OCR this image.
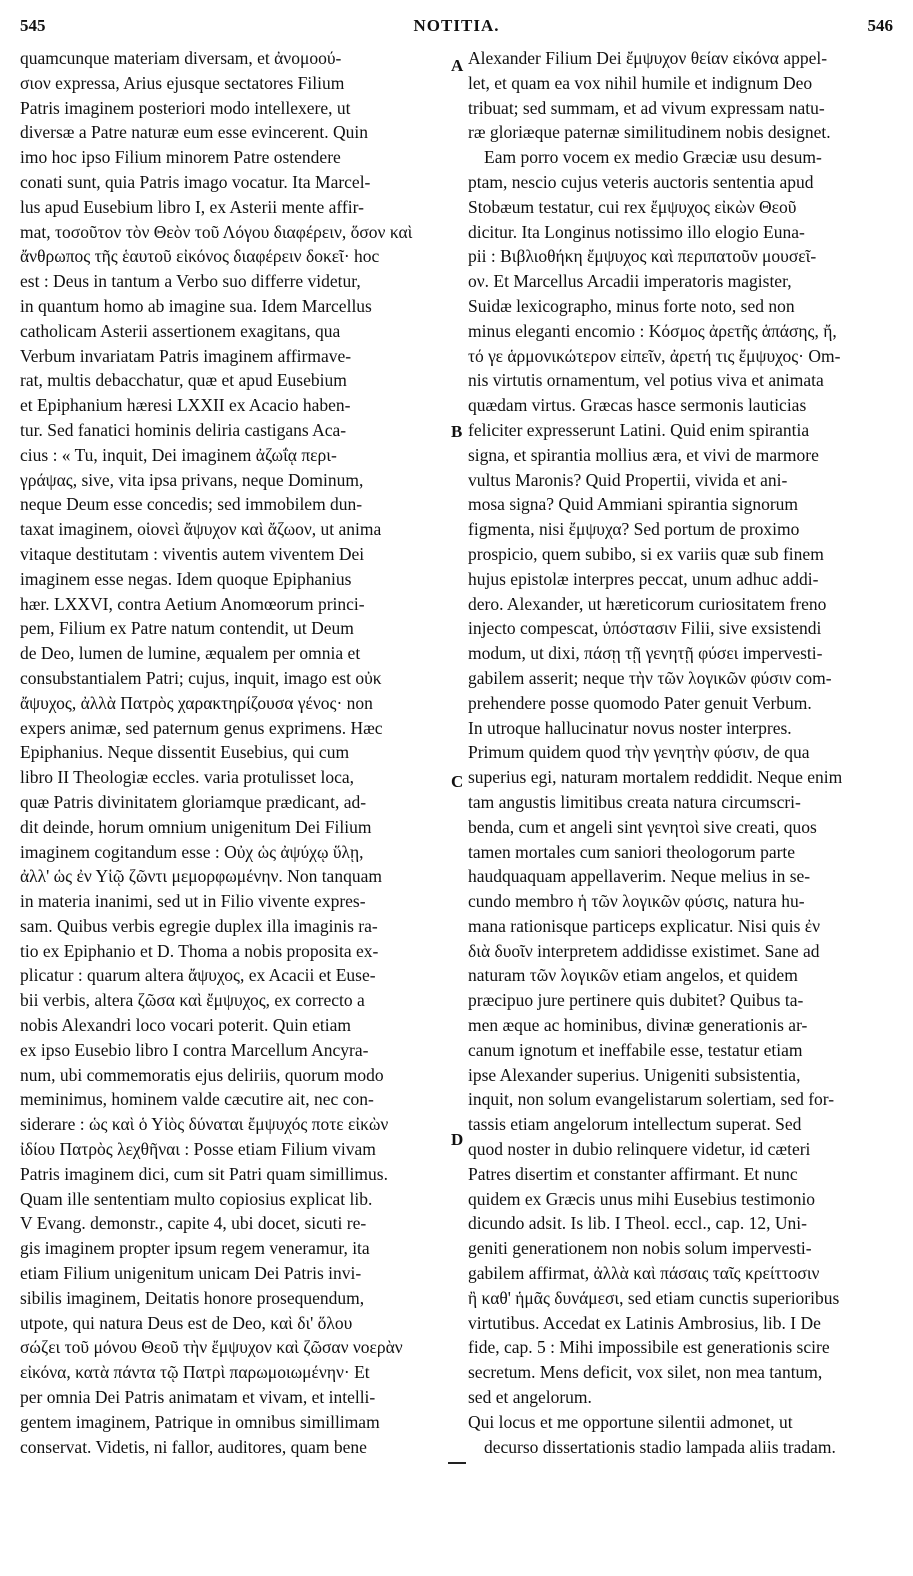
545	NOTITIA.	546
quamcunque materiam diversam, et ἀνομοού-
σιον expressa, Arius ejusque sectatores Filium
Patris imaginem posteriori modo intellexere, ut
diversæ a Patre naturæ eum esse evincerent. Quin
imo hoc ipso Filium minorem Patre ostendere
conati sunt, quia Patris imago vocatur. Ita Marcel-
lus apud Eusebium libro I, ex Asterii mente affir-
mat, τοσοῦτον τὸν Θεὸν τοῦ Λόγου διαφέρειν, ὅσον καὶ
ἄνθρωπος τῆς ἑαυτοῦ εἰκόνος διαφέρειν δοκεῖ· hoc
est : Deus in tantum a Verbo suo differre videtur,
in quantum homo ab imagine sua. Idem Marcellus
catholicam Asterii assertionem exagitans, qua
Verbum invariatam Patris imaginem affirmave-
rat, multis debacchatur, quæ et apud Eusebium
et Epiphanium hæresi LXXII ex Acacio haben-
tur. Sed fanatici hominis deliria castigans Aca-
cius : « Tu, inquit, Dei imaginem ἀζωΐᾳ περι-
γράψας, sive, vita ipsa privans, neque Dominum,
neque Deum esse concedis; sed immobilem dun-
taxat imaginem, οἱονεὶ ἄψυχον καὶ ἄζωον, ut anima
vitaque destitutam : viventis autem viventem Dei
imaginem esse negas. Idem quoque Epiphanius
hær. LXXVI, contra Aetium Anomœorum princi-
pem, Filium ex Patre natum contendit, ut Deum
de Deo, lumen de lumine, æqualem per omnia et
consubstantialem Patri; cujus, inquit, imago est οὐκ
ἄψυχος, ἀλλὰ Πατρὸς χαρακτηρίζουσα γένος· non
expers animæ, sed paternum genus exprimens. Hæc
Epiphanius. Neque dissentit Eusebius, qui cum
libro II Theologiæ eccles. varia protulisset loca,
quæ Patris divinitatem gloriamque prædicant, ad-
dit deinde, horum omnium unigenitum Dei Filium
imaginem cogitandum esse : Οὐχ ὡς ἀψύχῳ ὕλῃ,
ἀλλ' ὡς ἐν Υἱῷ ζῶντι μεμορφωμένην. Non tanquam
in materia inanimi, sed ut in Filio vivente expres-
sam. Quibus verbis egregie duplex illa imaginis ra-
tio ex Epiphanio et D. Thoma a nobis proposita ex-
plicatur : quarum altera ἄψυχος, ex Acacii et Euse-
bii verbis, altera ζῶσα καὶ ἔμψυχος, ex correcto a
nobis Alexandri loco vocari poterit. Quin etiam
ex ipso Eusebio libro I contra Marcellum Ancyra-
num, ubi commemoratis ejus deliriis, quorum modo
meminimus, hominem valde cæcutire ait, nec con-
siderare : ὡς καὶ ὁ Υἱὸς δύναται ἔμψυχός ποτε εἰκὼν
ἰδίου Πατρὸς λεχθῆναι : Posse etiam Filium vivam
Patris imaginem dici, cum sit Patri quam simillimus.
Quam ille sententiam multo copiosius explicat lib.
V Evang. demonstr., capite 4, ubi docet, sicuti re-
gis imaginem propter ipsum regem veneramur, ita
etiam Filium unigenitum unicam Dei Patris invi-
sibilis imaginem, Deitatis honore prosequendum,
utpote, qui natura Deus est de Deo, καὶ δι' ὅλου
σώζει τοῦ μόνου Θεοῦ τὴν ἔμψυχον καὶ ζῶσαν νοερὰν
εἰκόνα, κατὰ πάντα τῷ Πατρὶ παρωμοιωμένην· Et
per omnia Dei Patris animatam et vivam, et intelli-
gentem imaginem, Patrique in omnibus simillimam
conservat. Videtis, ni fallor, auditores, quam bene
Alexander Filium Dei ἔμψυχον θείαν εἰκόνα appel-
let, et quam ea vox nihil humile et indignum Deo
tribuat; sed summam, et ad vivum expressam natu-
ræ gloriæque paternæ similitudinem nobis designet.
Eam porro vocem ex medio Græciæ usu desum-
ptam, nescio cujus veteris auctoris sententia apud
Stobæum testatur, cui rex ἔμψυχος εἰκὼν Θεοῦ
dicitur. Ita Longinus notissimo illo elogio Euna-
pii : Βιβλιοθήκη ἔμψυχος καὶ περιπατοῦν μουσεῖ-
ον. Et Marcellus Arcadii imperatoris magister,
Suidæ lexicographo, minus forte noto, sed non
minus eleganti encomio : Κόσμος ἀρετῆς ἁπάσης, ἤ,
τό γε ἁρμονικώτερον εἰπεῖν, ἀρετή τις ἔμψυχος· Om-
nis virtutis ornamentum, vel potius viva et animata
quædam virtus. Græcas hasce sermonis lauticias
feliciter expresserunt Latini. Quid enim spirantia
signa, et spirantia mollius æra, et vivi de marmore
vultus Maronis? Quid Propertii, vivida et ani-
mosa signa? Quid Ammiani spirantia signorum
figmenta, nisi ἔμψυχα? Sed portum de proximo
prospicio, quem subibo, si ex variis quæ sub finem
hujus epistolæ interpres peccat, unum adhuc addi-
dero. Alexander, ut hæreticorum curiositatem freno
injecto compescat, ὑπόστασιν Filii, sive exsistendi
modum, ut dixi, πάσῃ τῇ γενητῇ φύσει impervesti-
gabilem asserit; neque τὴν τῶν λογικῶν φύσιν com-
prehendere posse quomodo Pater genuit Verbum.
In utroque hallucinatur novus noster interpres.
Primum quidem quod τὴν γενητὴν φύσιν, de qua
superius egi, naturam mortalem reddidit. Neque enim
tam angustis limitibus creata natura circumscri-
benda, cum et angeli sint γενητοὶ sive creati, quos
tamen mortales cum saniori theologorum parte
haudquaquam appellaverim. Neque melius in se-
cundo membro ἡ τῶν λογικῶν φύσις, natura hu-
mana rationisque particeps explicatur. Nisi quis ἐν
διὰ δυοῖν interpretem addidisse existimet. Sane ad
naturam τῶν λογικῶν etiam angelos, et quidem
præcipuo jure pertinere quis dubitet? Quibus ta-
men æque ac hominibus, divinæ generationis ar-
canum ignotum et ineffabile esse, testatur etiam
ipse Alexander superius. Unigeniti subsistentia,
inquit, non solum evangelistarum solertiam, sed for-
tassis etiam angelorum intellectum superat. Sed
quod noster in dubio relinquere videtur, id cæteri
Patres disertim et constanter affirmant. Et nunc
quidem ex Græcis unus mihi Eusebius testimonio
dicundo adsit. Is lib. I Theol. eccl., cap. 12, Uni-
geniti generationem non nobis solum impervesti-
gabilem affirmat, ἀλλὰ καὶ πάσαις ταῖς κρείττοσιν
ἢ καθ' ἡμᾶς δυνάμεσι, sed etiam cunctis superioribus
virtutibus. Accedat ex Latinis Ambrosius, lib. I De
fide, cap. 5 : Mihi impossibile est generationis scire
secretum. Mens deficit, vox silet, non mea tantum,
sed et angelorum.
Qui locus et me opportune silentii admonet, ut
decurso dissertationis stadio lampada aliis tradam.
A
B
C
D
